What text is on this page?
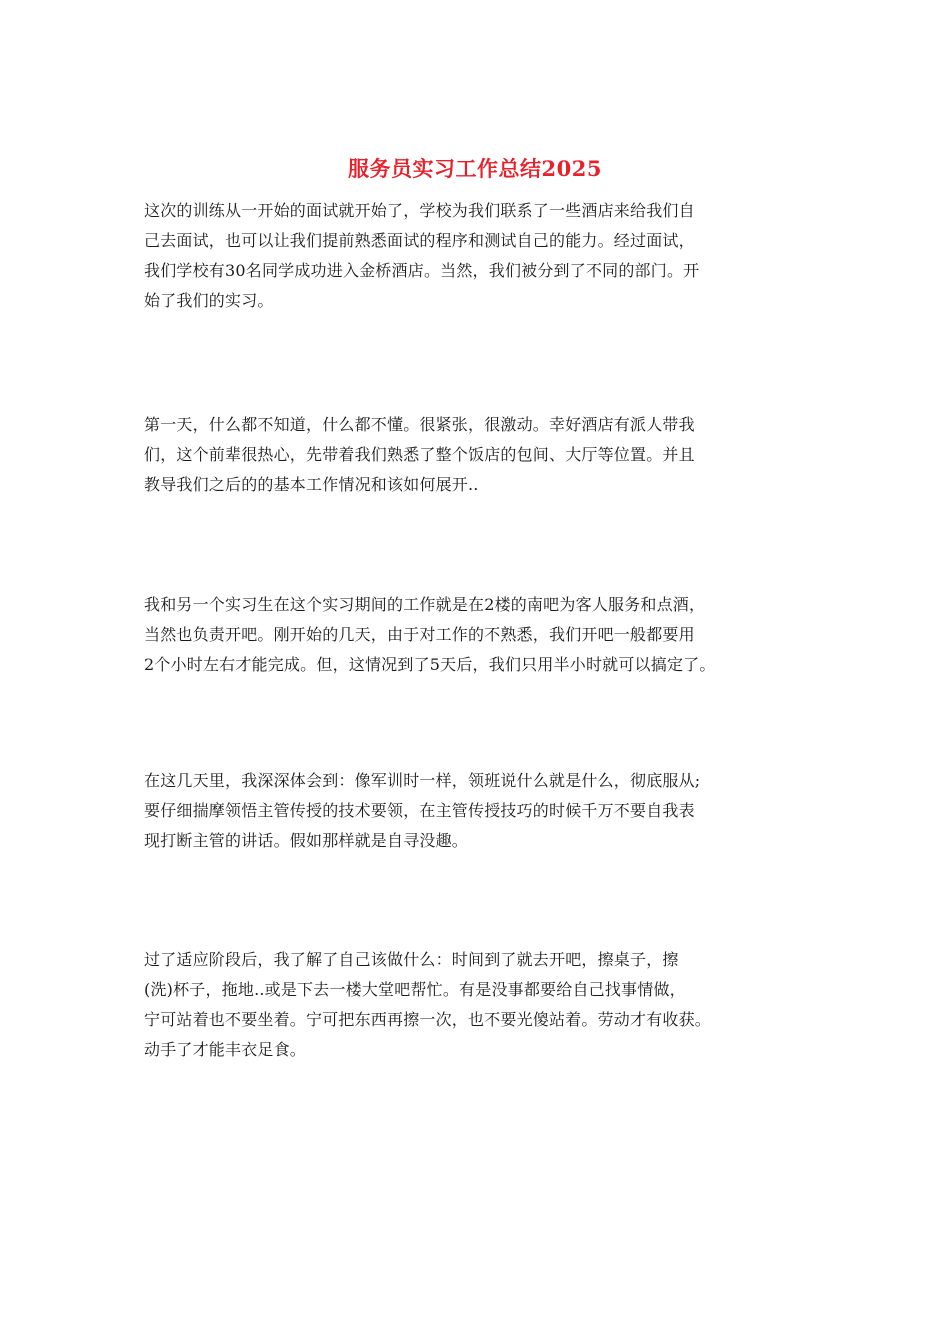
服务员实习工作总结2025
这次的训练从一开始的面试就开始了，学校为我们联系了一些酒店来给我们自
己去面试，也可以让我们提前熟悉面试的程序和测试自己的能力。经过面试，
我们学校有30名同学成功进入金桥酒店。当然，我们被分到了不同的部门。开
始了我们的实习。
第一天，什么都不知道，什么都不懂。很紧张，很激动。幸好酒店有派人带我
们，这个前辈很热心，先带着我们熟悉了整个饭店的包间、大厅等位置。并且
教导我们之后的的基本工作情况和该如何展开..
我和另一个实习生在这个实习期间的工作就是在2楼的南吧为客人服务和点酒，
当然也负责开吧。刚开始的几天，由于对工作的不熟悉，我们开吧一般都要用
2个小时左右才能完成。但，这情况到了5天后，我们只用半小时就可以搞定了。
在这几天里，我深深体会到：像军训时一样，领班说什么就是什么，彻底服从;
要仔细揣摩领悟主管传授的技术要领，在主管传授技巧的时候千万不要自我表
现打断主管的讲话。假如那样就是自寻没趣。
过了适应阶段后，我了解了自己该做什么：时间到了就去开吧，擦桌子，擦
(洗)杯子，拖地..或是下去一楼大堂吧帮忙。有是没事都要给自己找事情做，
宁可站着也不要坐着。宁可把东西再擦一次，也不要光傻站着。劳动才有收获。
动手了才能丰衣足食。
